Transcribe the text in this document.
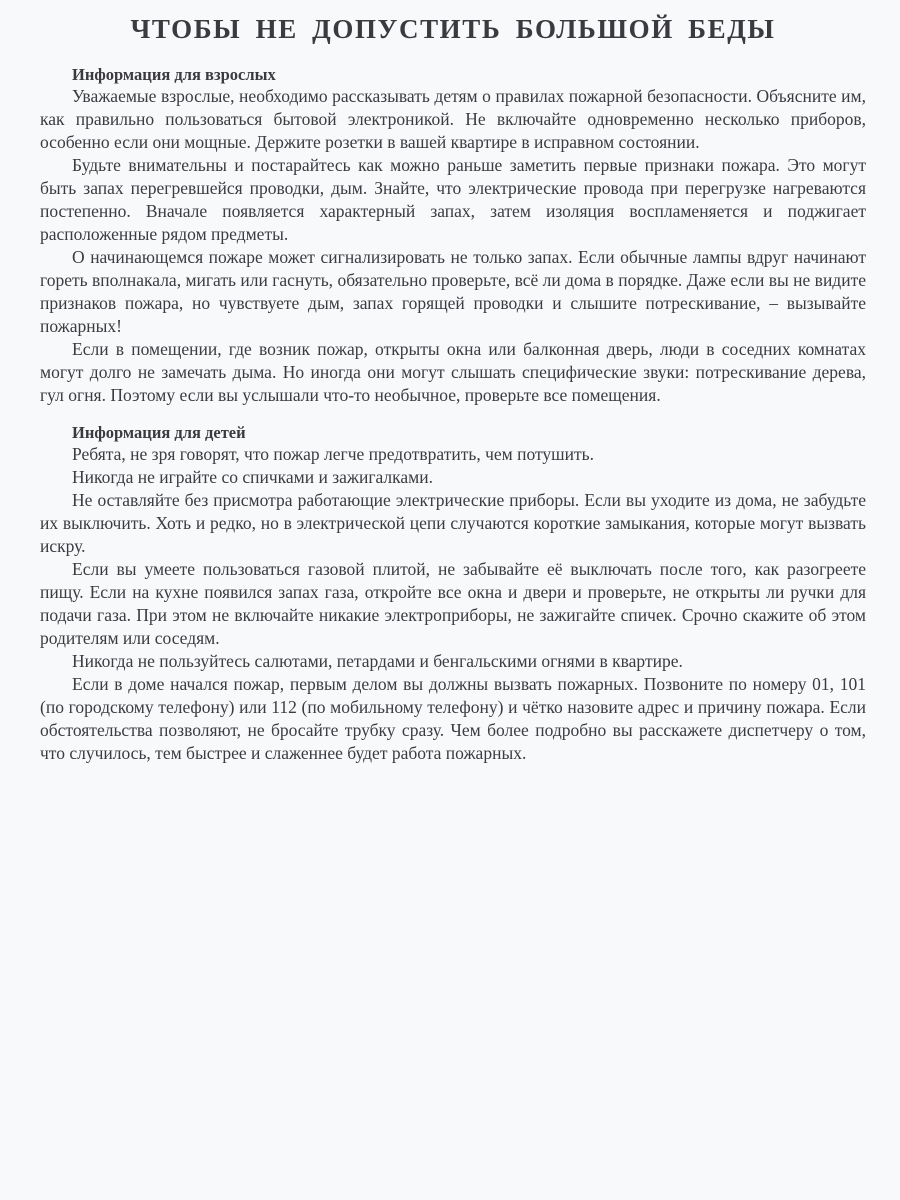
ЧТОБЫ НЕ ДОПУСТИТЬ БОЛЬШОЙ БЕДЫ

Информация для взрослых

Уважаемые взрослые, необходимо рассказывать детям о правилах пожарной безопасности. Объясните им, как правильно пользоваться бытовой электроникой. Не включайте одновременно несколько приборов, особенно если они мощные. Держите розетки в вашей квартире в исправном состоянии.

Будьте внимательны и постарайтесь как можно раньше заметить первые признаки пожара. Это могут быть запах перегревшейся проводки, дым. Знайте, что электрические провода при перегрузке нагреваются постепенно. Вначале появляется характерный запах, затем изоляция воспламеняется и поджигает расположенные рядом предметы.

О начинающемся пожаре может сигнализировать не только запах. Если обычные лампы вдруг начинают гореть вполнакала, мигать или гаснуть, обязательно проверьте, всё ли дома в порядке. Даже если вы не видите признаков пожара, но чувствуете дым, запах горящей проводки и слышите потрескивание, – вызывайте пожарных!

Если в помещении, где возник пожар, открыты окна или балконная дверь, люди в соседних комнатах могут долго не замечать дыма. Но иногда они могут слышать специфические звуки: потрескивание дерева, гул огня. Поэтому если вы услышали что-то необычное, проверьте все помещения.

Информация для детей

Ребята, не зря говорят, что пожар легче предотвратить, чем потушить.

Никогда не играйте со спичками и зажигалками.

Не оставляйте без присмотра работающие электрические приборы. Если вы уходите из дома, не забудьте их выключить. Хоть и редко, но в электрической цепи случаются короткие замыкания, которые могут вызвать искру.

Если вы умеете пользоваться газовой плитой, не забывайте её выключать после того, как разогреете пищу. Если на кухне появился запах газа, откройте все окна и двери и проверьте, не открыты ли ручки для подачи газа. При этом не включайте никакие электроприборы, не зажигайте спичек. Срочно скажите об этом родителям или соседям.

Никогда не пользуйтесь салютами, петардами и бенгальскими огнями в квартире.

Если в доме начался пожар, первым делом вы должны вызвать пожарных. Позвоните по номеру 01, 101 (по городскому телефону) или 112 (по мобильному телефону) и чётко назовите адрес и причину пожара. Если обстоятельства позволяют, не бросайте трубку сразу. Чем более подробно вы расскажете диспетчеру о том, что случилось, тем быстрее и слаженнее будет работа пожарных.
